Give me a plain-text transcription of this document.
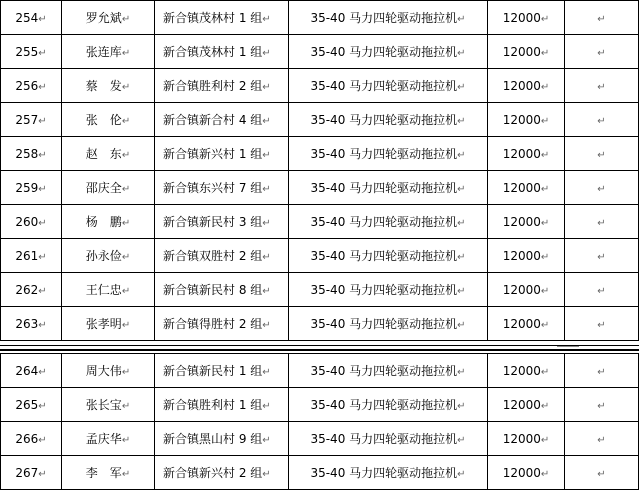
254↵	罗允斌↵	新合镇茂林村 1 组↵	35-40 马力四轮驱动拖拉机↵	12000↵	↵
255↵	张连库↵	新合镇茂林村 1 组↵	35-40 马力四轮驱动拖拉机↵	12000↵	↵
256↵	蔡　发↵	新合镇胜利村 2 组↵	35-40 马力四轮驱动拖拉机↵	12000↵	↵
257↵	张　伦↵	新合镇新合村 4 组↵	35-40 马力四轮驱动拖拉机↵	12000↵	↵
258↵	赵　东↵	新合镇新兴村 1 组↵	35-40 马力四轮驱动拖拉机↵	12000↵	↵
259↵	邵庆全↵	新合镇东兴村 7 组↵	35-40 马力四轮驱动拖拉机↵	12000↵	↵
260↵	杨　鹏↵	新合镇新民村 3 组↵	35-40 马力四轮驱动拖拉机↵	12000↵	↵
261↵	孙永俭↵	新合镇双胜村 2 组↵	35-40 马力四轮驱动拖拉机↵	12000↵	↵
262↵	王仁忠↵	新合镇新民村 8 组↵	35-40 马力四轮驱动拖拉机↵	12000↵	↵
263↵	张孝明↵	新合镇得胜村 2 组↵	35-40 马力四轮驱动拖拉机↵	12000↵	↵
264↵	周大伟↵	新合镇新民村 1 组↵	35-40 马力四轮驱动拖拉机↵	12000↵	↵
265↵	张长宝↵	新合镇胜利村 1 组↵	35-40 马力四轮驱动拖拉机↵	12000↵	↵
266↵	孟庆华↵	新合镇黑山村 9 组↵	35-40 马力四轮驱动拖拉机↵	12000↵	↵
267↵	李　军↵	新合镇新兴村 2 组↵	35-40 马力四轮驱动拖拉机↵	12000↵	↵
